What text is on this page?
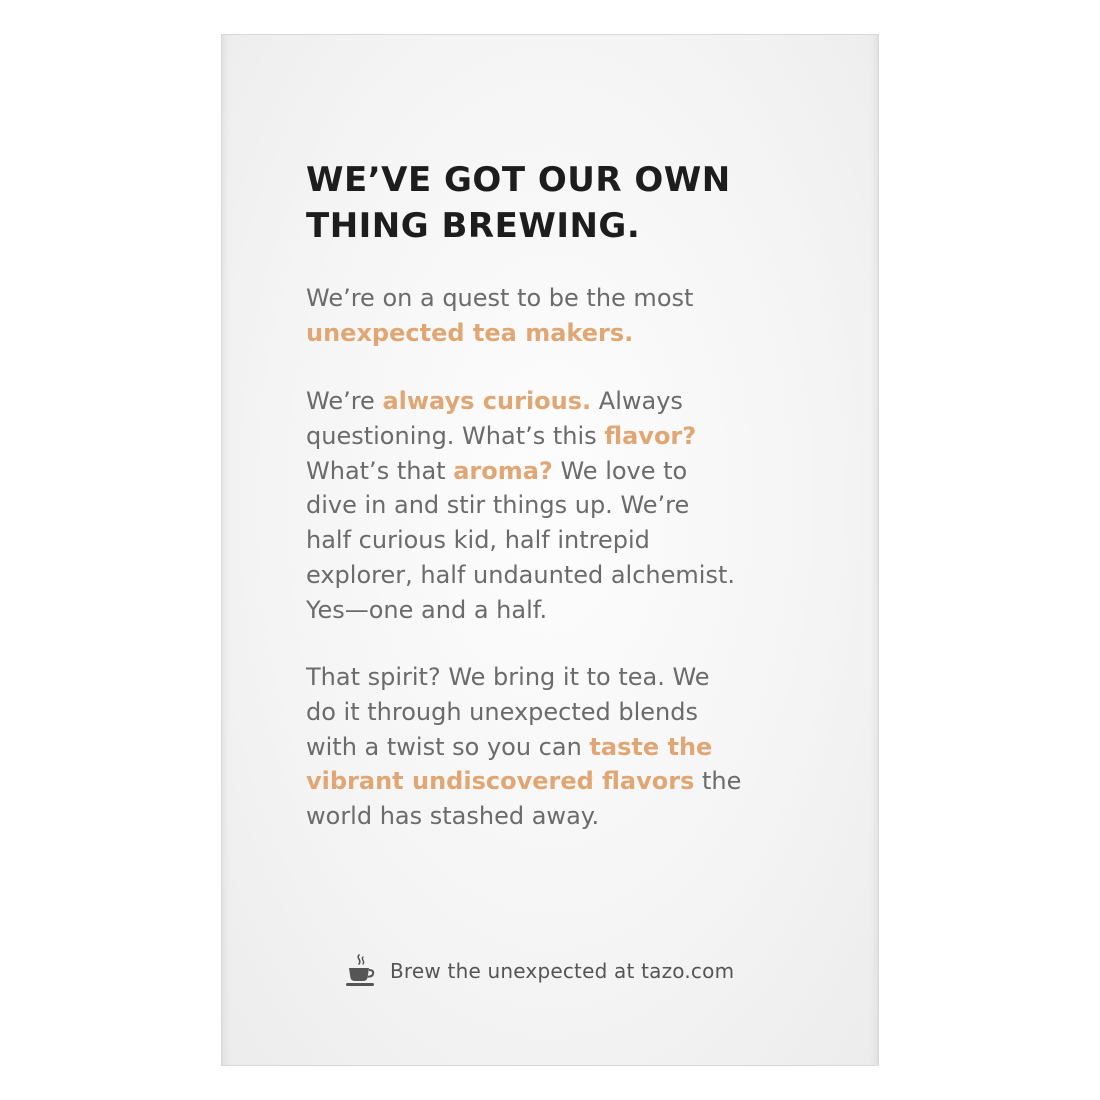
WE’VE GOT OUR OWN
THING BREWING.

We’re on a quest to be the most
unexpected tea makers.

We’re always curious. Always
questioning. What’s this flavor?
What’s that aroma? We love to
dive in and stir things up. We’re
half curious kid, half intrepid
explorer, half undaunted alchemist.
Yes—one and a half.

That spirit? We bring it to tea. We
do it through unexpected blends
with a twist so you can taste the
vibrant undiscovered flavors the
world has stashed away.

Brew the unexpected at tazo.com
